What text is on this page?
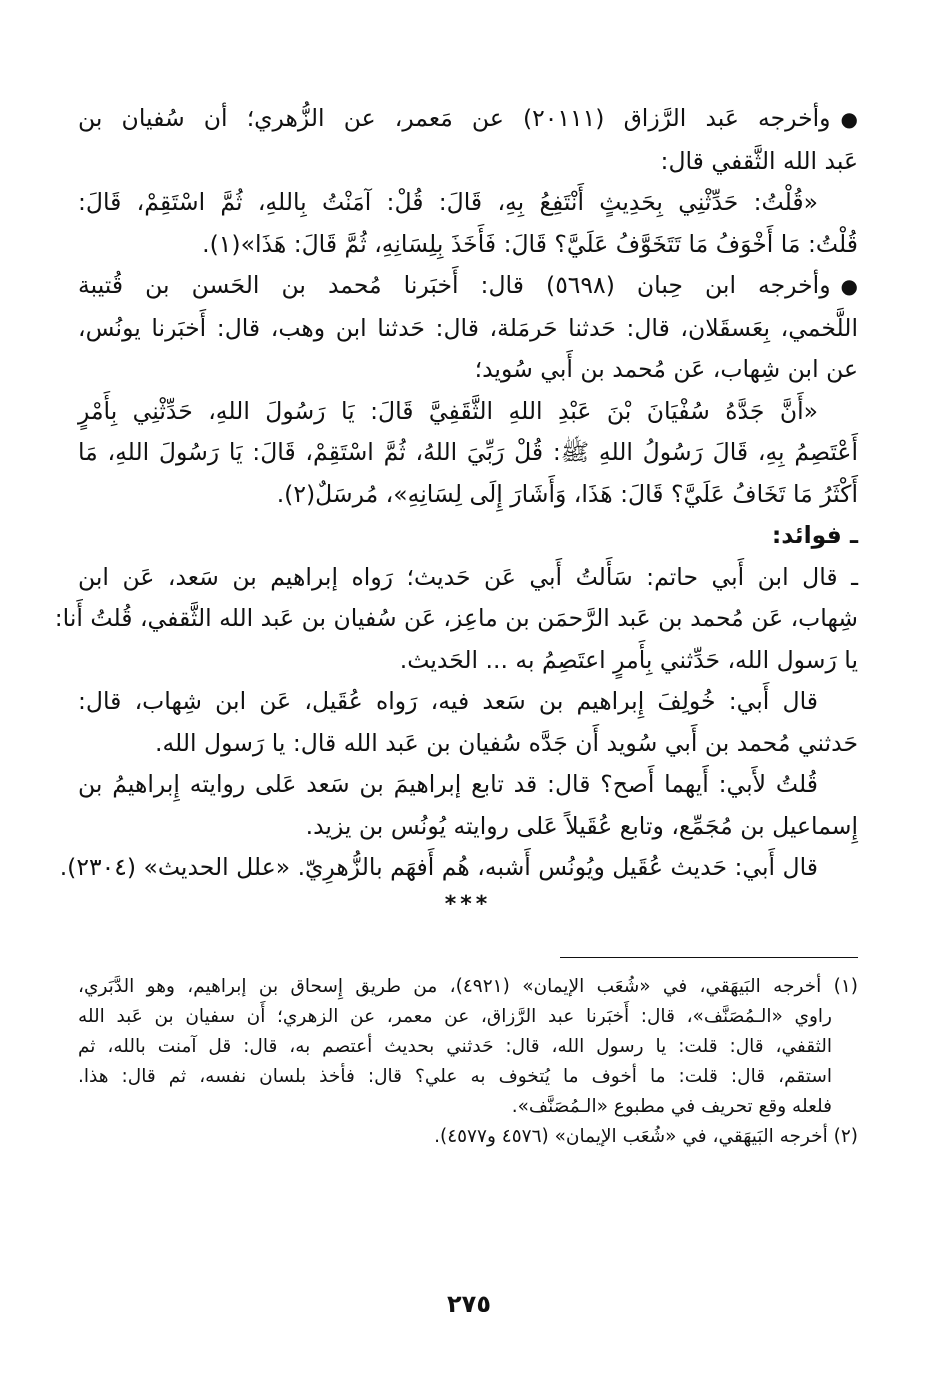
●وأخرجه عَبد الرَّزاق (٢٠١١١) عن مَعمر، عن الزُّهري؛ أن سُفيان بن
عَبد الله الثَّقفي قال:
«قُلْتُ: حَدِّثْنِي بِحَدِيثٍ أَنْتَفِعُ بِهِ، قَالَ: قُلْ: آمَنْتُ بِاللهِ، ثُمَّ اسْتَقِمْ، قَالَ:
قُلْتُ: مَا أَخْوَفُ مَا تَتَخَوَّفُ عَلَيَّ؟ قَالَ: فَأَخَذَ بِلِسَانِهِ، ثُمَّ قَالَ: هَذَا»(١).
●وأخرجه ابن حِبان (٥٦٩٨) قال: أَخبَرنا مُحمد بن الحَسن بن قُتيبة
اللَّخمي، بِعَسقَلان، قال: حَدثنا حَرمَلة، قال: حَدثنا ابن وهب، قال: أَخبَرنا يونُس،
عن ابن شِهاب، عَن مُحمد بن أَبي سُويد؛
«أَنَّ جَدَّهُ سُفْيَانَ بْنَ عَبْدِ اللهِ الثَّقَفِيَّ قَالَ: يَا رَسُولَ اللهِ، حَدِّثْنِي بِأَمْرٍ
أَعْتَصِمُ بِهِ، قَالَ رَسُولُ اللهِ ﷺ: قُلْ رَبِّيَ اللهُ، ثُمَّ اسْتَقِمْ، قَالَ: يَا رَسُولَ اللهِ، مَا
أَكْثَرُ مَا تَخَافُ عَلَيَّ؟ قَالَ: هَذَا، وَأَشَارَ إِلَى لِسَانِهِ»، مُرسَلٌ(٢).
ـ فوائد:
ـ قال ابن أَبي حاتم: سَأَلتُ أَبي عَن حَديث؛ رَواه إبراهيم بن سَعد، عَن ابن
شِهاب، عَن مُحمد بن عَبد الرَّحمَن بن ماعِز، عَن سُفيان بن عَبد الله الثَّقفي، قُلتُ أَنا:
يا رَسول الله، حَدِّثني بِأَمرٍ اعتَصِمُ به ... الحَديث.
قال أَبي: خُولِفَ إِبراهيم بن سَعد فيه، رَواه عُقَيل، عَن ابن شِهاب، قال:
حَدثني مُحمد بن أَبي سُويد أَن جَدَّه سُفيان بن عَبد الله قال: يا رَسول الله.
قُلتُ لأَبي: أَيهما أَصح؟ قال: قد تابع إبراهيمَ بن سَعد عَلى روايته إِبراهيمُ بن
إِسماعيل بن مُجَمِّع، وتابع عُقَيلاً عَلى روايته يُونُس بن يزيد.
قال أَبي: حَديث عُقَيل ويُونُس أَشبه، هُم أَفهَم بالزُّهرِيّ. «علل الحديث» (٢٣٠٤).
***
(١) أخرجه البَيهَقي، في «شُعَب الإيمان» (٤٩٢١)، من طريق إِسحاق بن إبراهيم، وهو الدَّبَري،
راوي «الـمُصَنَّف»، قال: أَخبَرنا عبد الرَّزاق، عن معمر، عن الزهري؛ أَن سفيان بن عَبد الله
الثقفي، قال: قلت: يا رسول الله، قال: حَدثني بحديث أعتصم به، قال: قل آمنت بالله، ثم
استقم، قال: قلت: ما أخوف ما يُتخوف به علي؟ قال: فأخذ بلسان نفسه، ثم قال: هذا.
فلعله وقع تحريف في مطبوع «الـمُصَنَّف».
(٢) أخرجه البَيهَقي، في «شُعَب الإيمان» (٤٥٧٦ و٤٥٧٧).
٢٧٥
